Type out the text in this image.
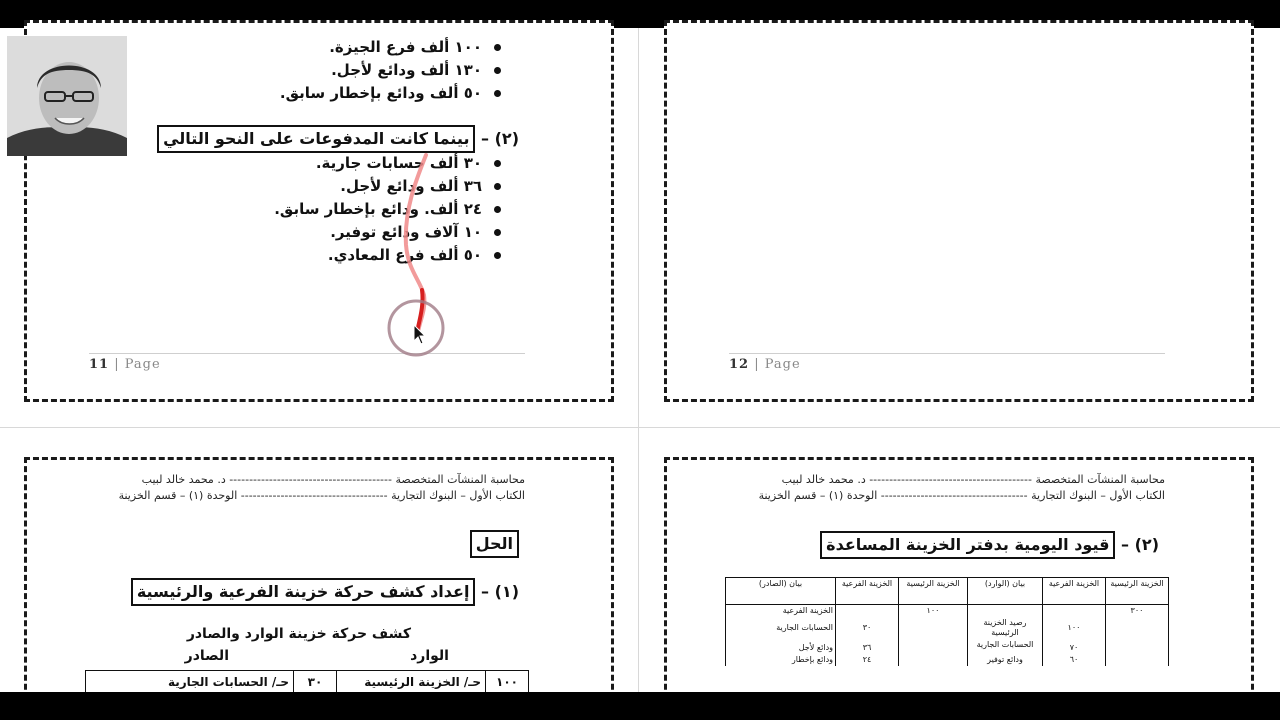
١٠٠ ألف فرع الجيزة.
١٣٠ ألف ودائع لأجل.
٥٠ ألف ودائع بإخطار سابق.
(٢) – بينما كانت المدفوعات على النحو التالي
٣٠ ألف حسابات جارية.
٣٦ ألف ودائع لأجل.
٢٤ ألف. ودائع بإخطار سابق.
١٠ آلاف ودائع توفير.
٥٠ ألف فرع المعادي.
11 | Page	12 | Page
محاسبة المنشآت المتخصصة ----------------------------------------- د. محمد خالد لبيب
الكتاب الأول – البنوك التجارية ------------------------------------- الوحدة (١) – قسم الخزينة
الحل
(١) – إعداد كشف حركة خزينة الفرعية والرئيسية
كشف حركة خزينة الوارد والصادر
الوارد
الصادر
١٠٠	حـ/ الخزينة الرئيسية	٣٠	حـ/ الحسابات الجارية
محاسبة المنشآت المتخصصة ----------------------------------------- د. محمد خالد لبيب
الكتاب الأول – البنوك التجارية ------------------------------------- الوحدة (١) – قسم الخزينة
(٢) – قيود اليومية بدفتر الخزينة المساعدة
الخزينة الرئيسية	الخزينة الفرعية	بيان (الوارد)	الخزينة الرئيسية	الخزينة الفرعية	بيان (الصادر)
٣٠٠			١٠٠		الخزينة الفرعية
	١٠٠	رصيد الخزينة الرئيسية		٣٠	الحسابات الجارية
	٧٠	الحسابات الجارية		٣٦	ودائع لأجل
	٦٠	ودائع توفير		٢٤	ودائع بإخطار
